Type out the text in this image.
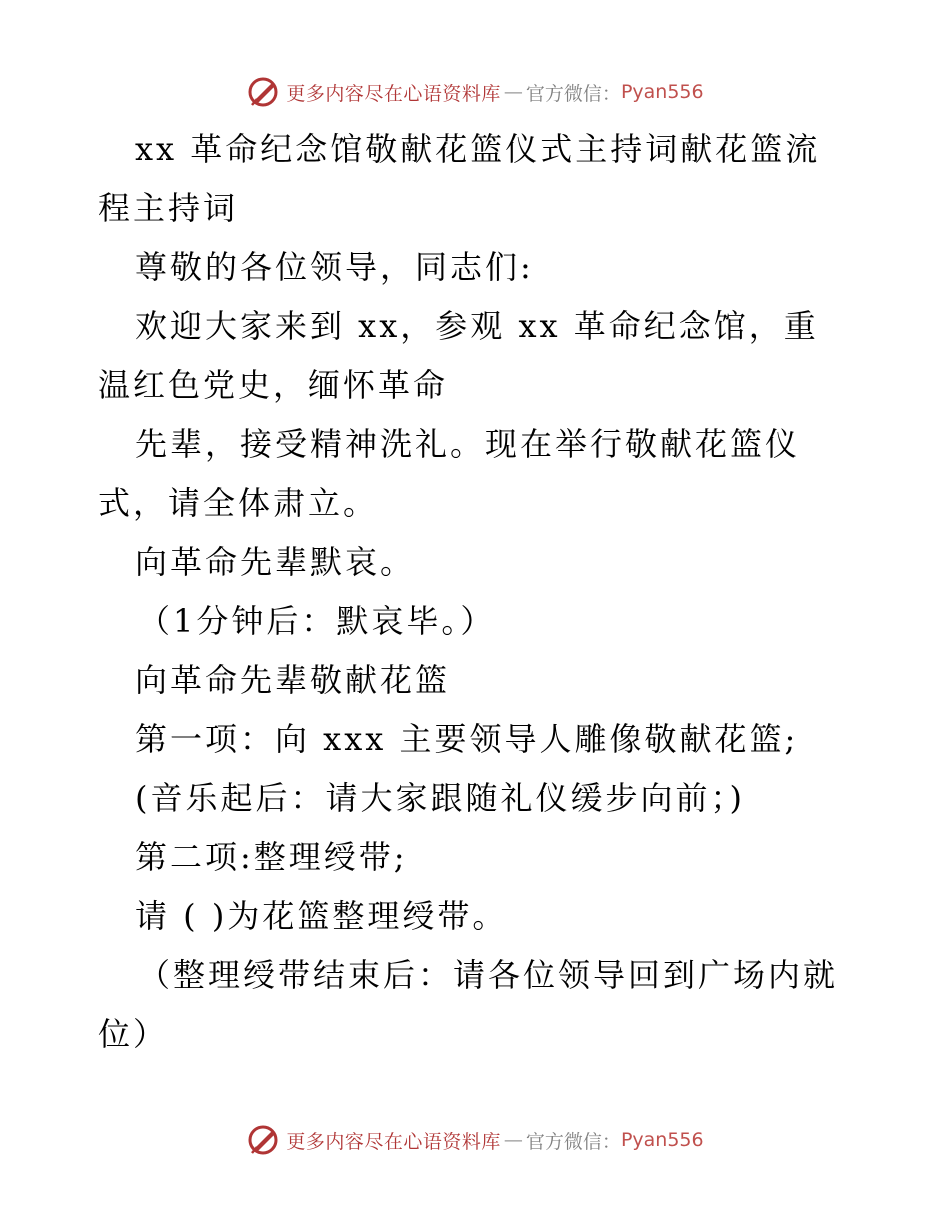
更多内容尽在心语资料库 — 官方微信： Pyan556

xx 革命纪念馆敬献花篮仪式主持词献花篮流程主持词

尊敬的各位领导，同志们:

欢迎大家来到 xx，参观 xx 革命纪念馆，重温红色党史，缅怀革命

先辈，接受精神洗礼。现在举行敬献花篮仪式，请全体肃立。

向革命先辈默哀。

（1分钟后：默哀毕。）

向革命先辈敬献花篮

第一项：向 xxx 主要领导人雕像敬献花篮;

(音乐起后：请大家跟随礼仪缓步向前；)

第二项:整理绶带;

请 ( )为花篮整理绶带。

（整理绶带结束后：请各位领导回到广场内就位）

更多内容尽在心语资料库 — 官方微信： Pyan556
